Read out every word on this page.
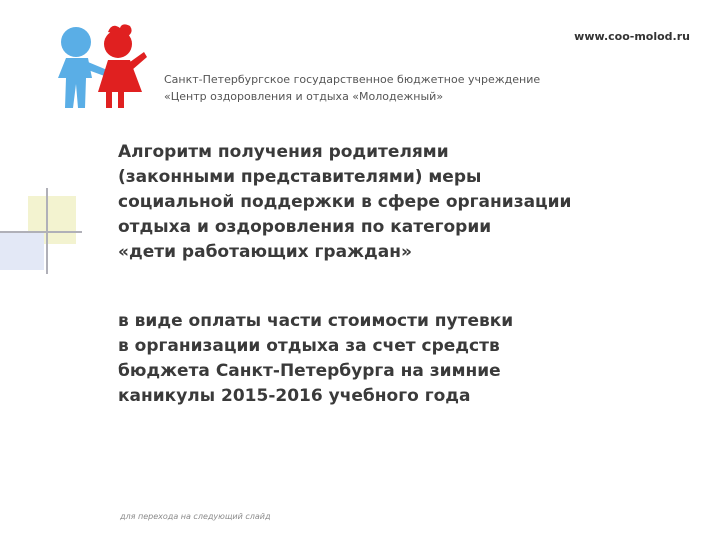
www.coo-molod.ru
Санкт-Петербургское государственное бюджетное учреждение
«Центр оздоровления и отдыха «Молодежный»
Алгоритм получения родителями
(законными представителями) меры
социальной поддержки в сфере организации
отдыха и оздоровления по категории
«дети работающих граждан»
в виде оплаты части стоимости путевки
в организации отдыха за счет средств
бюджета Санкт-Петербурга на зимние
каникулы 2015-2016 учебного года
для перехода на следующий слайд
